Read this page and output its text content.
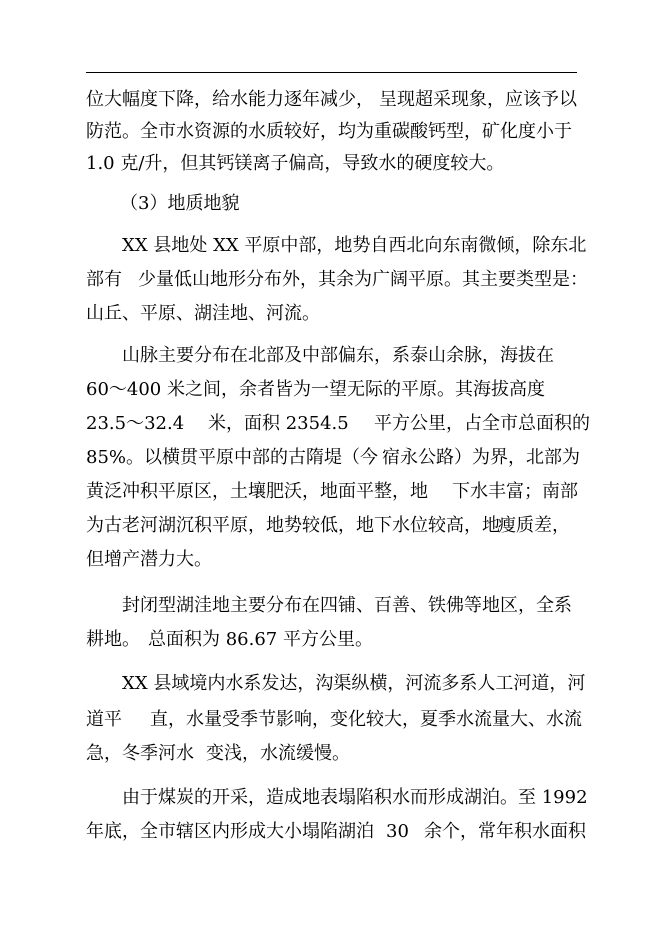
位大幅度下降，给水能力逐年减少， 呈现超采现象，应该予以
防范。全市水资源的水质较好，均为重碳酸钙型，矿化度小于
1.0 克/升，但其钙镁离子偏高，导致水的硬度较大。
（3）地质地貌
XX 县地处 XX 平原中部，地势自西北向东南微倾，除东北
部有 少量低山地形分布外，其余为广阔平原。其主要类型是：
山丘、平原、湖洼地、河流。
山脉主要分布在北部及中部偏东，系泰山余脉，海拔在
60～400 米之间，余者皆为一望无际的平原。其海拔高度
23.5～32.4 米，面积 2354.5 平方公里，占全市总面积的
85%。以横贯平原中部的古隋堤（今 宿永公路）为界，北部为
黄泛冲积平原区，土壤肥沃，地面平整，地 下水丰富；南部
为古老河湖沉积平原，地势较低，地下水位较高，地
瘦质差，
但增产潜力大。
封闭型湖洼地主要分布在四铺、百善、铁佛等地区，全系
耕地。 总面积为 86.67 平方公里。
XX 县域境内水系发达，沟渠纵横，河流多系人工河道，河
道平 直，水量受季节影响，变化较大，夏季水流量大、水流
急，冬季河水 变浅，水流缓慢。
由于煤炭的开采，造成地表塌陷积水而形成湖泊。至 1992
年底，全市辖区内形成大小塌陷湖泊 30 余个，常年积水面积
